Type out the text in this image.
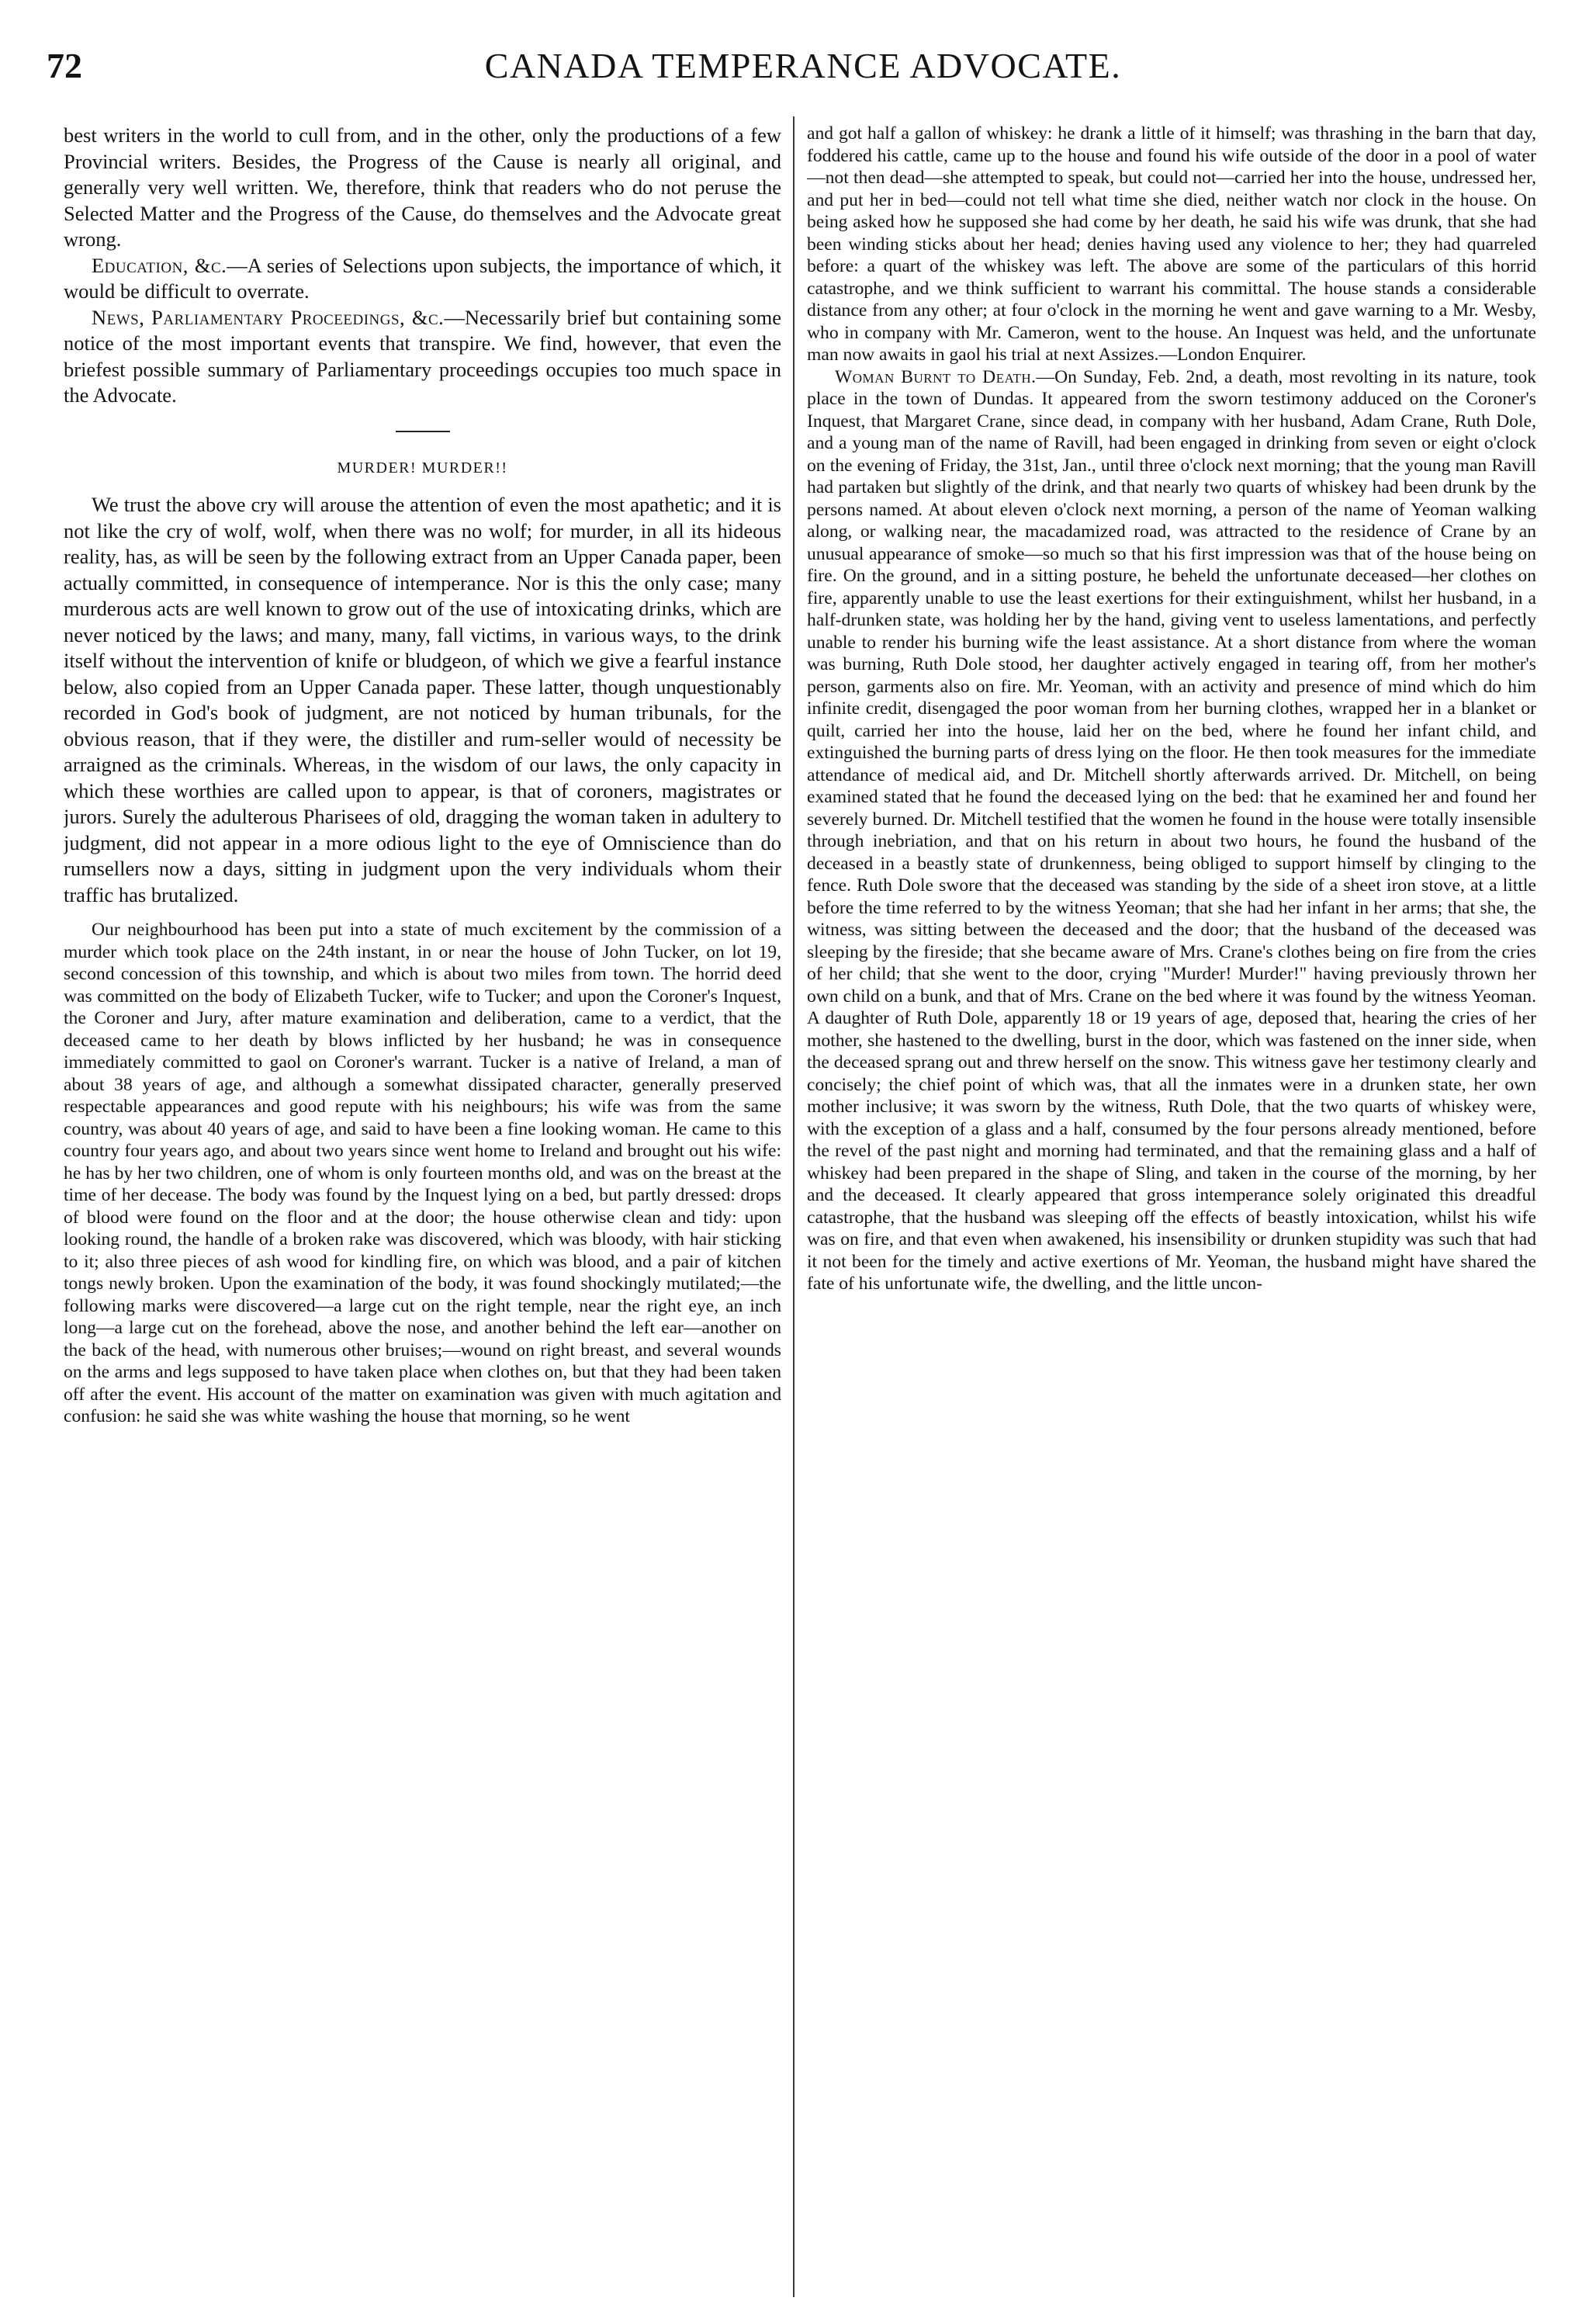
72	CANADA TEMPERANCE ADVOCATE.

best writers in the world to cull from, and in the other, only the productions of a few Provincial writers. Besides, the Progress of the Cause is nearly all original, and generally very well written. We, therefore, think that readers who do not peruse the Selected Matter and the Progress of the Cause, do themselves and the Advocate great wrong.

Education, &c.—A series of Selections upon subjects, the importance of which, it would be difficult to overrate.

News, Parliamentary Proceedings, &c.—Necessarily brief but containing some notice of the most important events that transpire. We find, however, that even the briefest possible summary of Parliamentary proceedings occupies too much space in the Advocate.

MURDER! MURDER!!

We trust the above cry will arouse the attention of even the most apathetic; and it is not like the cry of wolf, wolf, when there was no wolf; for murder, in all its hideous reality, has, as will be seen by the following extract from an Upper Canada paper, been actually committed, in consequence of intemperance. Nor is this the only case; many murderous acts are well known to grow out of the use of intoxicating drinks, which are never noticed by the laws; and many, many, fall victims, in various ways, to the drink itself without the intervention of knife or bludgeon, of which we give a fearful instance below, also copied from an Upper Canada paper. These latter, though unquestionably recorded in God's book of judgment, are not noticed by human tribunals, for the obvious reason, that if they were, the distiller and rum-seller would of necessity be arraigned as the criminals. Whereas, in the wisdom of our laws, the only capacity in which these worthies are called upon to appear, is that of coroners, magistrates or jurors. Surely the adulterous Pharisees of old, dragging the woman taken in adultery to judgment, did not appear in a more odious light to the eye of Omniscience than do rumsellers now a days, sitting in judgment upon the very individuals whom their traffic has brutalized.

Our neighbourhood has been put into a state of much excitement by the commission of a murder which took place on the 24th instant, in or near the house of John Tucker, on lot 19, second concession of this township, and which is about two miles from town. The horrid deed was committed on the body of Elizabeth Tucker, wife to Tucker; and upon the Coroner's Inquest, the Coroner and Jury, after mature examination and deliberation, came to a verdict, that the deceased came to her death by blows inflicted by her husband; he was in consequence immediately committed to gaol on Coroner's warrant. Tucker is a native of Ireland, a man of about 38 years of age, and although a somewhat dissipated character, generally preserved respectable appearances and good repute with his neighbours; his wife was from the same country, was about 40 years of age, and said to have been a fine looking woman. He came to this country four years ago, and about two years since went home to Ireland and brought out his wife: he has by her two children, one of whom is only fourteen months old, and was on the breast at the time of her decease. The body was found by the Inquest lying on a bed, but partly dressed: drops of blood were found on the floor and at the door; the house otherwise clean and tidy: upon looking round, the handle of a broken rake was discovered, which was bloody, with hair sticking to it; also three pieces of ash wood for kindling fire, on which was blood, and a pair of kitchen tongs newly broken. Upon the examination of the body, it was found shockingly mutilated;—the following marks were discovered—a large cut on the right temple, near the right eye, an inch long—a large cut on the forehead, above the nose, and another behind the left ear—another on the back of the head, with numerous other bruises;—wound on right breast, and several wounds on the arms and legs supposed to have taken place when clothes on, but that they had been taken off after the event. His account of the matter on examination was given with much agitation and confusion: he said she was white washing the house that morning, so he went

and got half a gallon of whiskey: he drank a little of it himself; was thrashing in the barn that day, foddered his cattle, came up to the house and found his wife outside of the door in a pool of water—not then dead—she attempted to speak, but could not—carried her into the house, undressed her, and put her in bed—could not tell what time she died, neither watch nor clock in the house. On being asked how he supposed she had come by her death, he said his wife was drunk, that she had been winding sticks about her head; denies having used any violence to her; they had quarreled before: a quart of the whiskey was left. The above are some of the particulars of this horrid catastrophe, and we think sufficient to warrant his committal. The house stands a considerable distance from any other; at four o'clock in the morning he went and gave warning to a Mr. Wesby, who in company with Mr. Cameron, went to the house. An Inquest was held, and the unfortunate man now awaits in gaol his trial at next Assizes.—London Enquirer.

Woman Burnt to Death.—On Sunday, Feb. 2nd, a death, most revolting in its nature, took place in the town of Dundas. It appeared from the sworn testimony adduced on the Coroner's Inquest, that Margaret Crane, since dead, in company with her husband, Adam Crane, Ruth Dole, and a young man of the name of Ravill, had been engaged in drinking from seven or eight o'clock on the evening of Friday, the 31st, Jan., until three o'clock next morning; that the young man Ravill had partaken but slightly of the drink, and that nearly two quarts of whiskey had been drunk by the persons named. At about eleven o'clock next morning, a person of the name of Yeoman walking along, or walking near, the macadamized road, was attracted to the residence of Crane by an unusual appearance of smoke—so much so that his first impression was that of the house being on fire. On the ground, and in a sitting posture, he beheld the unfortunate deceased—her clothes on fire, apparently unable to use the least exertions for their extinguishment, whilst her husband, in a half-drunken state, was holding her by the hand, giving vent to useless lamentations, and perfectly unable to render his burning wife the least assistance. At a short distance from where the woman was burning, Ruth Dole stood, her daughter actively engaged in tearing off, from her mother's person, garments also on fire. Mr. Yeoman, with an activity and presence of mind which do him infinite credit, disengaged the poor woman from her burning clothes, wrapped her in a blanket or quilt, carried her into the house, laid her on the bed, where he found her infant child, and extinguished the burning parts of dress lying on the floor. He then took measures for the immediate attendance of medical aid, and Dr. Mitchell shortly afterwards arrived. Dr. Mitchell, on being examined stated that he found the deceased lying on the bed: that he examined her and found her severely burned. Dr. Mitchell testified that the women he found in the house were totally insensible through inebriation, and that on his return in about two hours, he found the husband of the deceased in a beastly state of drunkenness, being obliged to support himself by clinging to the fence. Ruth Dole swore that the deceased was standing by the side of a sheet iron stove, at a little before the time referred to by the witness Yeoman; that she had her infant in her arms; that she, the witness, was sitting between the deceased and the door; that the husband of the deceased was sleeping by the fireside; that she became aware of Mrs. Crane's clothes being on fire from the cries of her child; that she went to the door, crying "Murder! Murder!" having previously thrown her own child on a bunk, and that of Mrs. Crane on the bed where it was found by the witness Yeoman. A daughter of Ruth Dole, apparently 18 or 19 years of age, deposed that, hearing the cries of her mother, she hastened to the dwelling, burst in the door, which was fastened on the inner side, when the deceased sprang out and threw herself on the snow. This witness gave her testimony clearly and concisely; the chief point of which was, that all the inmates were in a drunken state, her own mother inclusive; it was sworn by the witness, Ruth Dole, that the two quarts of whiskey were, with the exception of a glass and a half, consumed by the four persons already mentioned, before the revel of the past night and morning had terminated, and that the remaining glass and a half of whiskey had been prepared in the shape of Sling, and taken in the course of the morning, by her and the deceased. It clearly appeared that gross intemperance solely originated this dreadful catastrophe, that the husband was sleeping off the effects of beastly intoxication, whilst his wife was on fire, and that even when awakened, his insensibility or drunken stupidity was such that had it not been for the timely and active exertions of Mr. Yeoman, the husband might have shared the fate of his unfortunate wife, the dwelling, and the little uncon-
